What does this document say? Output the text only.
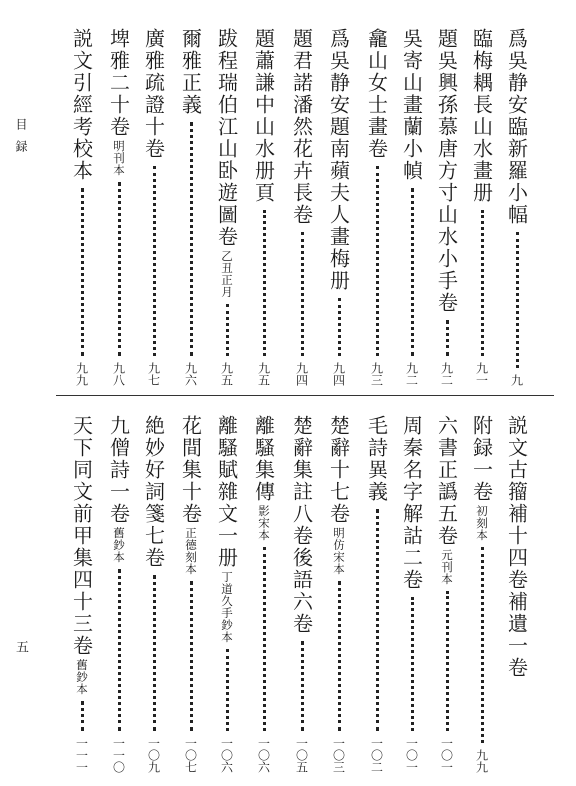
目録
五
爲吳静安臨新羅小幅
九
臨梅耦長山水畫册
九一
題吳興孫慕唐方寸山水小手卷
九二
吳寄山畫蘭小幀
九二
龕山女士畫卷
九三
爲吳静安題南蘋夫人畫梅册
九四
題君諾潘然花卉長卷
九四
題蕭謙中山水册頁
九五
跋程瑞伯江山卧遊圖卷
乙丑正月
九五
爾雅正義
九六
廣雅疏證十卷
九七
埤雅二十卷
明刊本
九八
説文引經考校本
九九
説文古籀補十四卷補遺一卷
附録一卷
初刻本
九九
六書正譌五卷
元刊本
一〇一
周秦名字解詁二卷
一〇一
毛詩異義
一〇二
楚辭十七卷
明仿宋本
一〇三
楚辭集註八卷後語六卷
一〇五
離騷集傳
影宋本
一〇六
離騷賦雜文一册
丁道久手鈔本
一〇六
花間集十卷
正德刻本
一〇七
絶妙好詞箋七卷
一〇九
九僧詩一卷
舊鈔本
一一〇
天下同文前甲集四十三卷
舊鈔本
一一一
